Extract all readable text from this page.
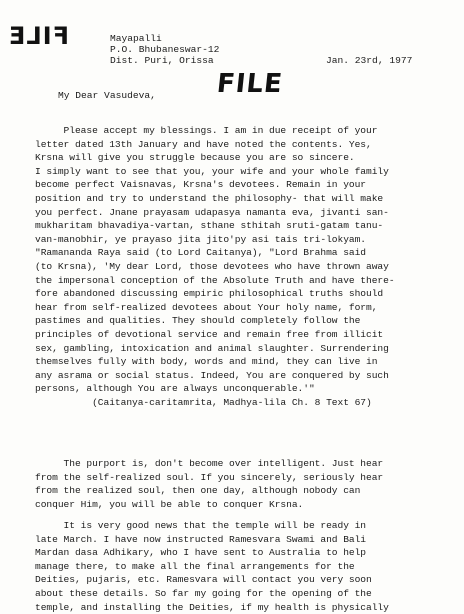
FILE	Mayapalli
P.O. Bhubaneswar-12
Dist. Puri, Orissa	Jan. 23rd, 1977
FILE
My Dear Vasudeva,
Please accept my blessings. I am in due receipt of your
letter dated 13th January and have noted the contents. Yes,
Krsna will give you struggle because you are so sincere.
I simply want to see that you, your wife and your whole family
become perfect Vaisnavas, Krsna's devotees. Remain in your
position and try to understand the philosophy- that will make
you perfect. Jnane prayasam udapasya namanta eva, jivanti san-
mukharitam bhavadiya-vartan, sthane sthitah sruti-gatam tanu-
van-manobhir, ye prayaso jita jito'py asi tais tri-lokyam.
"Ramananda Raya said (to Lord Caitanya), "Lord Brahma said
(to Krsna), 'My dear Lord, those devotees who have thrown away
the impersonal conception of the Absolute Truth and have there-
fore abandoned discussing empiric philosophical truths should
hear from self-realized devotees about Your holy name, form,
pastimes and qualities. They should completely follow the
principles of devotional service and remain free from illicit
sex, gambling, intoxication and animal slaughter. Surrendering
themselves fully with body, words and mind, they can live in
any asrama or social status. Indeed, You are conquered by such
persons, although You are always unconquerable.'"
(Caitanya-caritamrita, Madhya-lila Ch. 8 Text 67)
The purport is, don't become over intelligent. Just hear
from the self-realized soul. If you sincerely, seriously hear
from the realized soul, then one day, although nobody can
conquer Him, you will be able to conquer Krsna.
It is very good news that the temple will be ready in
late March. I have now instructed Ramesvara Swami and Bali
Mardan dasa Adhikary, who I have sent to Australia to help
manage there, to make all the final arrangements for the
Deities, pujaris, etc. Ramesvara will contact you very soon
about these details. So far my going for the opening of the
temple, and installing the Deities, if my health is physically
